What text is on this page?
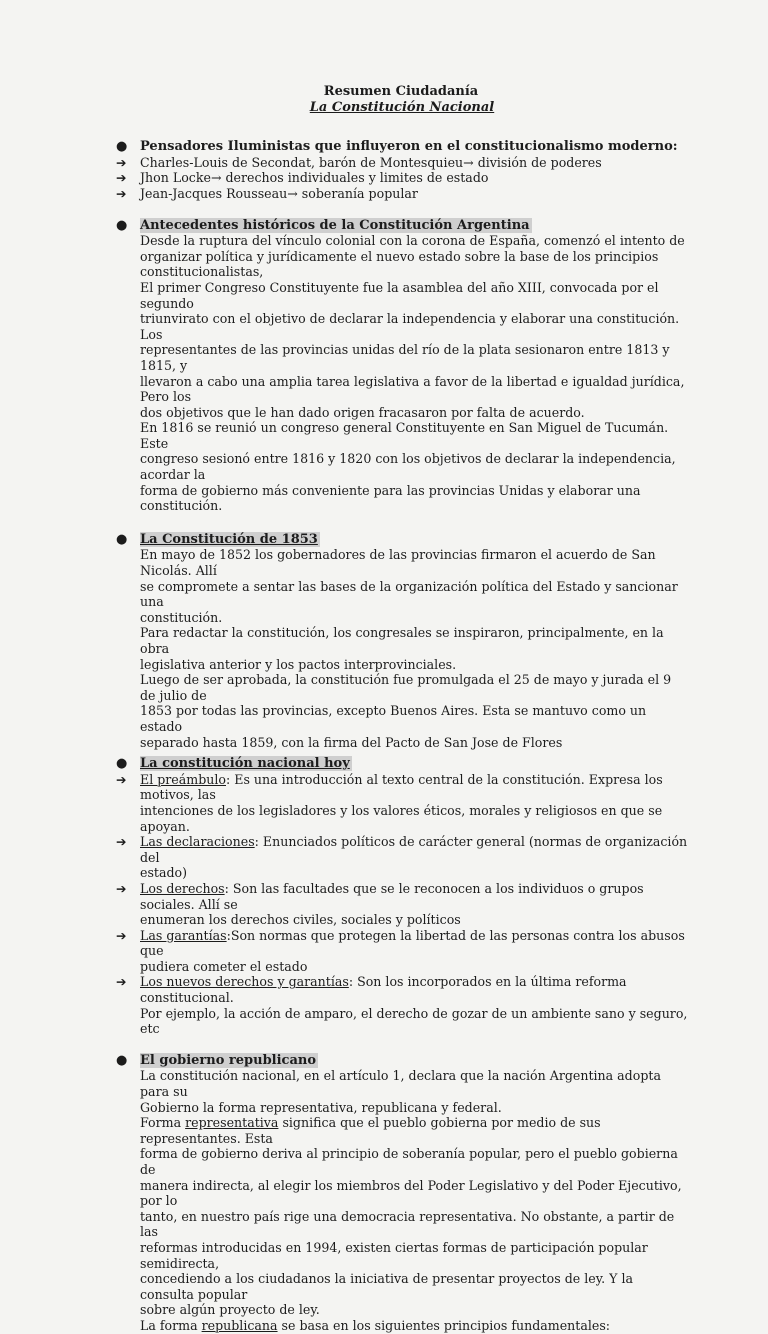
Resumen Ciudadanía
La Constitución Nacional
● Pensadores Iluministas que influyeron en el constitucionalismo moderno:
➔ Charles-Louis de Secondat, barón de Montesquieu→ división de poderes
➔ Jhon Locke→ derechos individuales y limites de estado
➔ Jean-Jacques Rousseau→ soberanía popular
● Antecedentes históricos de la Constitución Argentina

Desde la ruptura del vínculo colonial con la corona de España, comenzó el intento de

organizar política y jurídicamente el nuevo estado sobre la base de los principios

constitucionalistas,

El primer Congreso Constituyente fue la asamblea del año XIII, convocada por el segundo

triunvirato con el objetivo de declarar la independencia y elaborar una constitución. Los

representantes de las provincias unidas del río de la plata sesionaron entre 1813 y 1815, y

llevaron a cabo una amplia tarea legislativa a favor de la libertad e igualdad jurídica, Pero los

dos objetivos que le han dado origen fracasaron por falta de acuerdo.

En 1816 se reunió un congreso general Constituyente en San Miguel de Tucumán. Este

congreso sesionó entre 1816 y 1820 con los objetivos de declarar la independencia, acordar la

forma de gobierno más conveniente para las provincias Unidas y elaborar una constitución.

● La Constitución de 1853

En mayo de 1852 los gobernadores de las provincias firmaron el acuerdo de San Nicolás. Allí

se compromete a sentar las bases de la organización política del Estado y sancionar una

constitución.

Para redactar la constitución, los congresales se inspiraron, principalmente, en la obra

legislativa anterior y los pactos interprovinciales.

Luego de ser aprobada, la constitución fue promulgada el 25 de mayo y jurada el 9 de julio de

1853 por todas las provincias, excepto Buenos Aires. Esta se mantuvo como un estado

separado hasta 1859, con la firma del Pacto de San Jose de Flores

● La constitución nacional hoy
➔ El preámbulo: Es una introducción al texto central de la constitución. Expresa los motivos, las
intenciones de los legisladores y los valores éticos, morales y religiosos en que se apoyan.
➔ Las declaraciones: Enunciados políticos de carácter general (normas de organización del
estado)
➔ Los derechos: Son las facultades que se le reconocen a los individuos o grupos sociales. Allí se
enumeran los derechos civiles, sociales y políticos
➔ Las garantías:Son normas que protegen la libertad de las personas contra los abusos que
pudiera cometer el estado
➔ Los nuevos derechos y garantías: Son los incorporados en la última reforma constitucional.
Por ejemplo, la acción de amparo, el derecho de gozar de un ambiente sano y seguro, etc
● El gobierno republicano

La constitución nacional, en el artículo 1, declara que la nación Argentina adopta para su

Gobierno la forma representativa, republicana y federal.

Forma representativa significa que el pueblo gobierna por medio de sus representantes. Esta

forma de gobierno deriva al principio de soberanía popular, pero el pueblo gobierna de

manera indirecta, al elegir los miembros del Poder Legislativo y del Poder Ejecutivo, por lo

tanto, en nuestro país rige una democracia representativa. No obstante, a partir de las

reformas introducidas en 1994, existen ciertas formas de participación popular semidirecta,

concediendo a los ciudadanos la iniciativa de presentar proyectos de ley. Y la consulta popular

sobre algún proyecto de ley.

La forma republicana se basa en los siguientes principios fundamentales:
